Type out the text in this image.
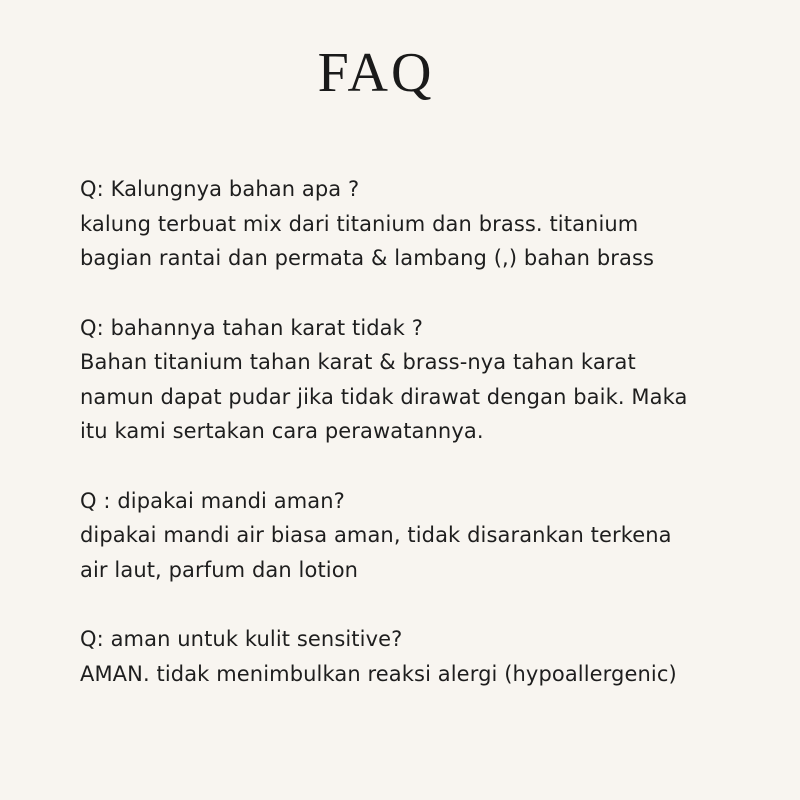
FAQ

Q: Kalungnya bahan apa ?

kalung terbuat mix dari titanium dan brass. titanium

bagian rantai dan permata & lambang (,) bahan brass

Q: bahannya tahan karat tidak ?

Bahan titanium tahan karat & brass-nya tahan karat

namun dapat pudar jika tidak dirawat dengan baik. Maka

itu kami sertakan cara perawatannya.

Q : dipakai mandi aman?

dipakai mandi air biasa aman, tidak disarankan terkena

air laut, parfum dan lotion

Q: aman untuk kulit sensitive?

AMAN. tidak menimbulkan reaksi alergi (hypoallergenic)
